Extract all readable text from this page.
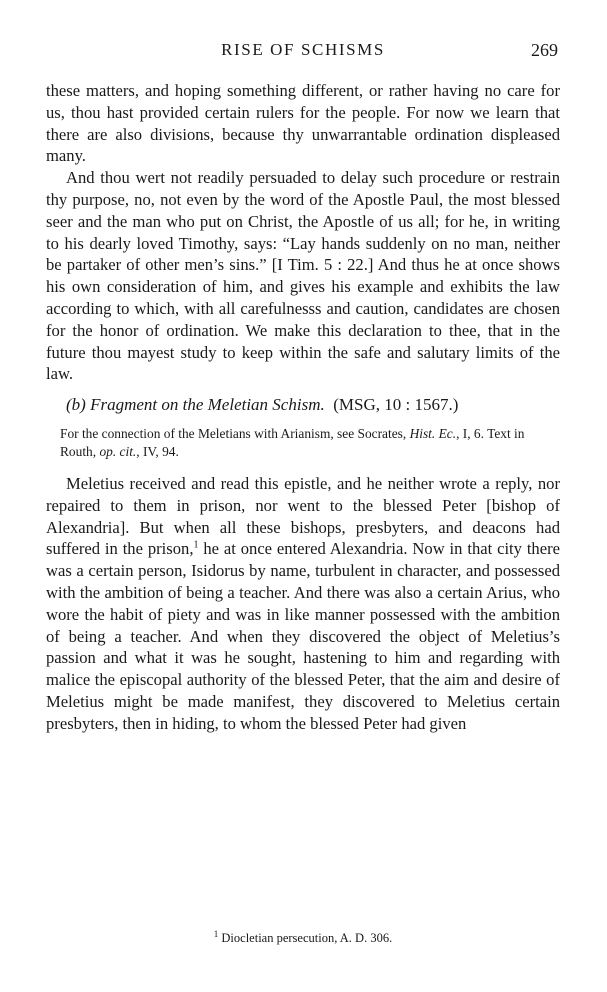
RISE OF SCHISMS	269

these matters, and hoping something different, or rather having no care for us, thou hast provided certain rulers for the people. For now we learn that there are also divisions, because thy unwarrantable ordination displeased many.

And thou wert not readily persuaded to delay such procedure or restrain thy purpose, no, not even by the word of the Apostle Paul, the most blessed seer and the man who put on Christ, the Apostle of us all; for he, in writing to his dearly loved Timothy, says: “Lay hands suddenly on no man, neither be partaker of other men’s sins.” [I Tim. 5 : 22.] And thus he at once shows his own consideration of him, and gives his example and exhibits the law according to which, with all carefulnesss and caution, candidates are chosen for the honor of ordination. We make this declaration to thee, that in the future thou mayest study to keep within the safe and salutary limits of the law.

(b) Fragment on the Meletian Schism. (MSG, 10 : 1567.)
For the connection of the Meletians with Arianism, see Socrates, Hist. Ec., I, 6. Text in Routh, op. cit., IV, 94.

Meletius received and read this epistle, and he neither wrote a reply, nor repaired to them in prison, nor went to the blessed Peter [bishop of Alexandria]. But when all these bishops, presbyters, and deacons had suffered in the prison,$^1$ he at once entered Alexandria. Now in that city there was a certain person, Isidorus by name, turbulent in character, and possessed with the ambition of being a teacher. And there was also a certain Arius, who wore the habit of piety and was in like manner possessed with the ambition of being a teacher. And when they discovered the object of Meletius’s passion and what it was he sought, hastening to him and regarding with malice the episcopal authority of the blessed Peter, that the aim and desire of Meletius might be made manifest, they discovered to Meletius certain presbyters, then in hiding, to whom the blessed Peter had given

$^1$ Diocletian persecution, A. D. 306.
